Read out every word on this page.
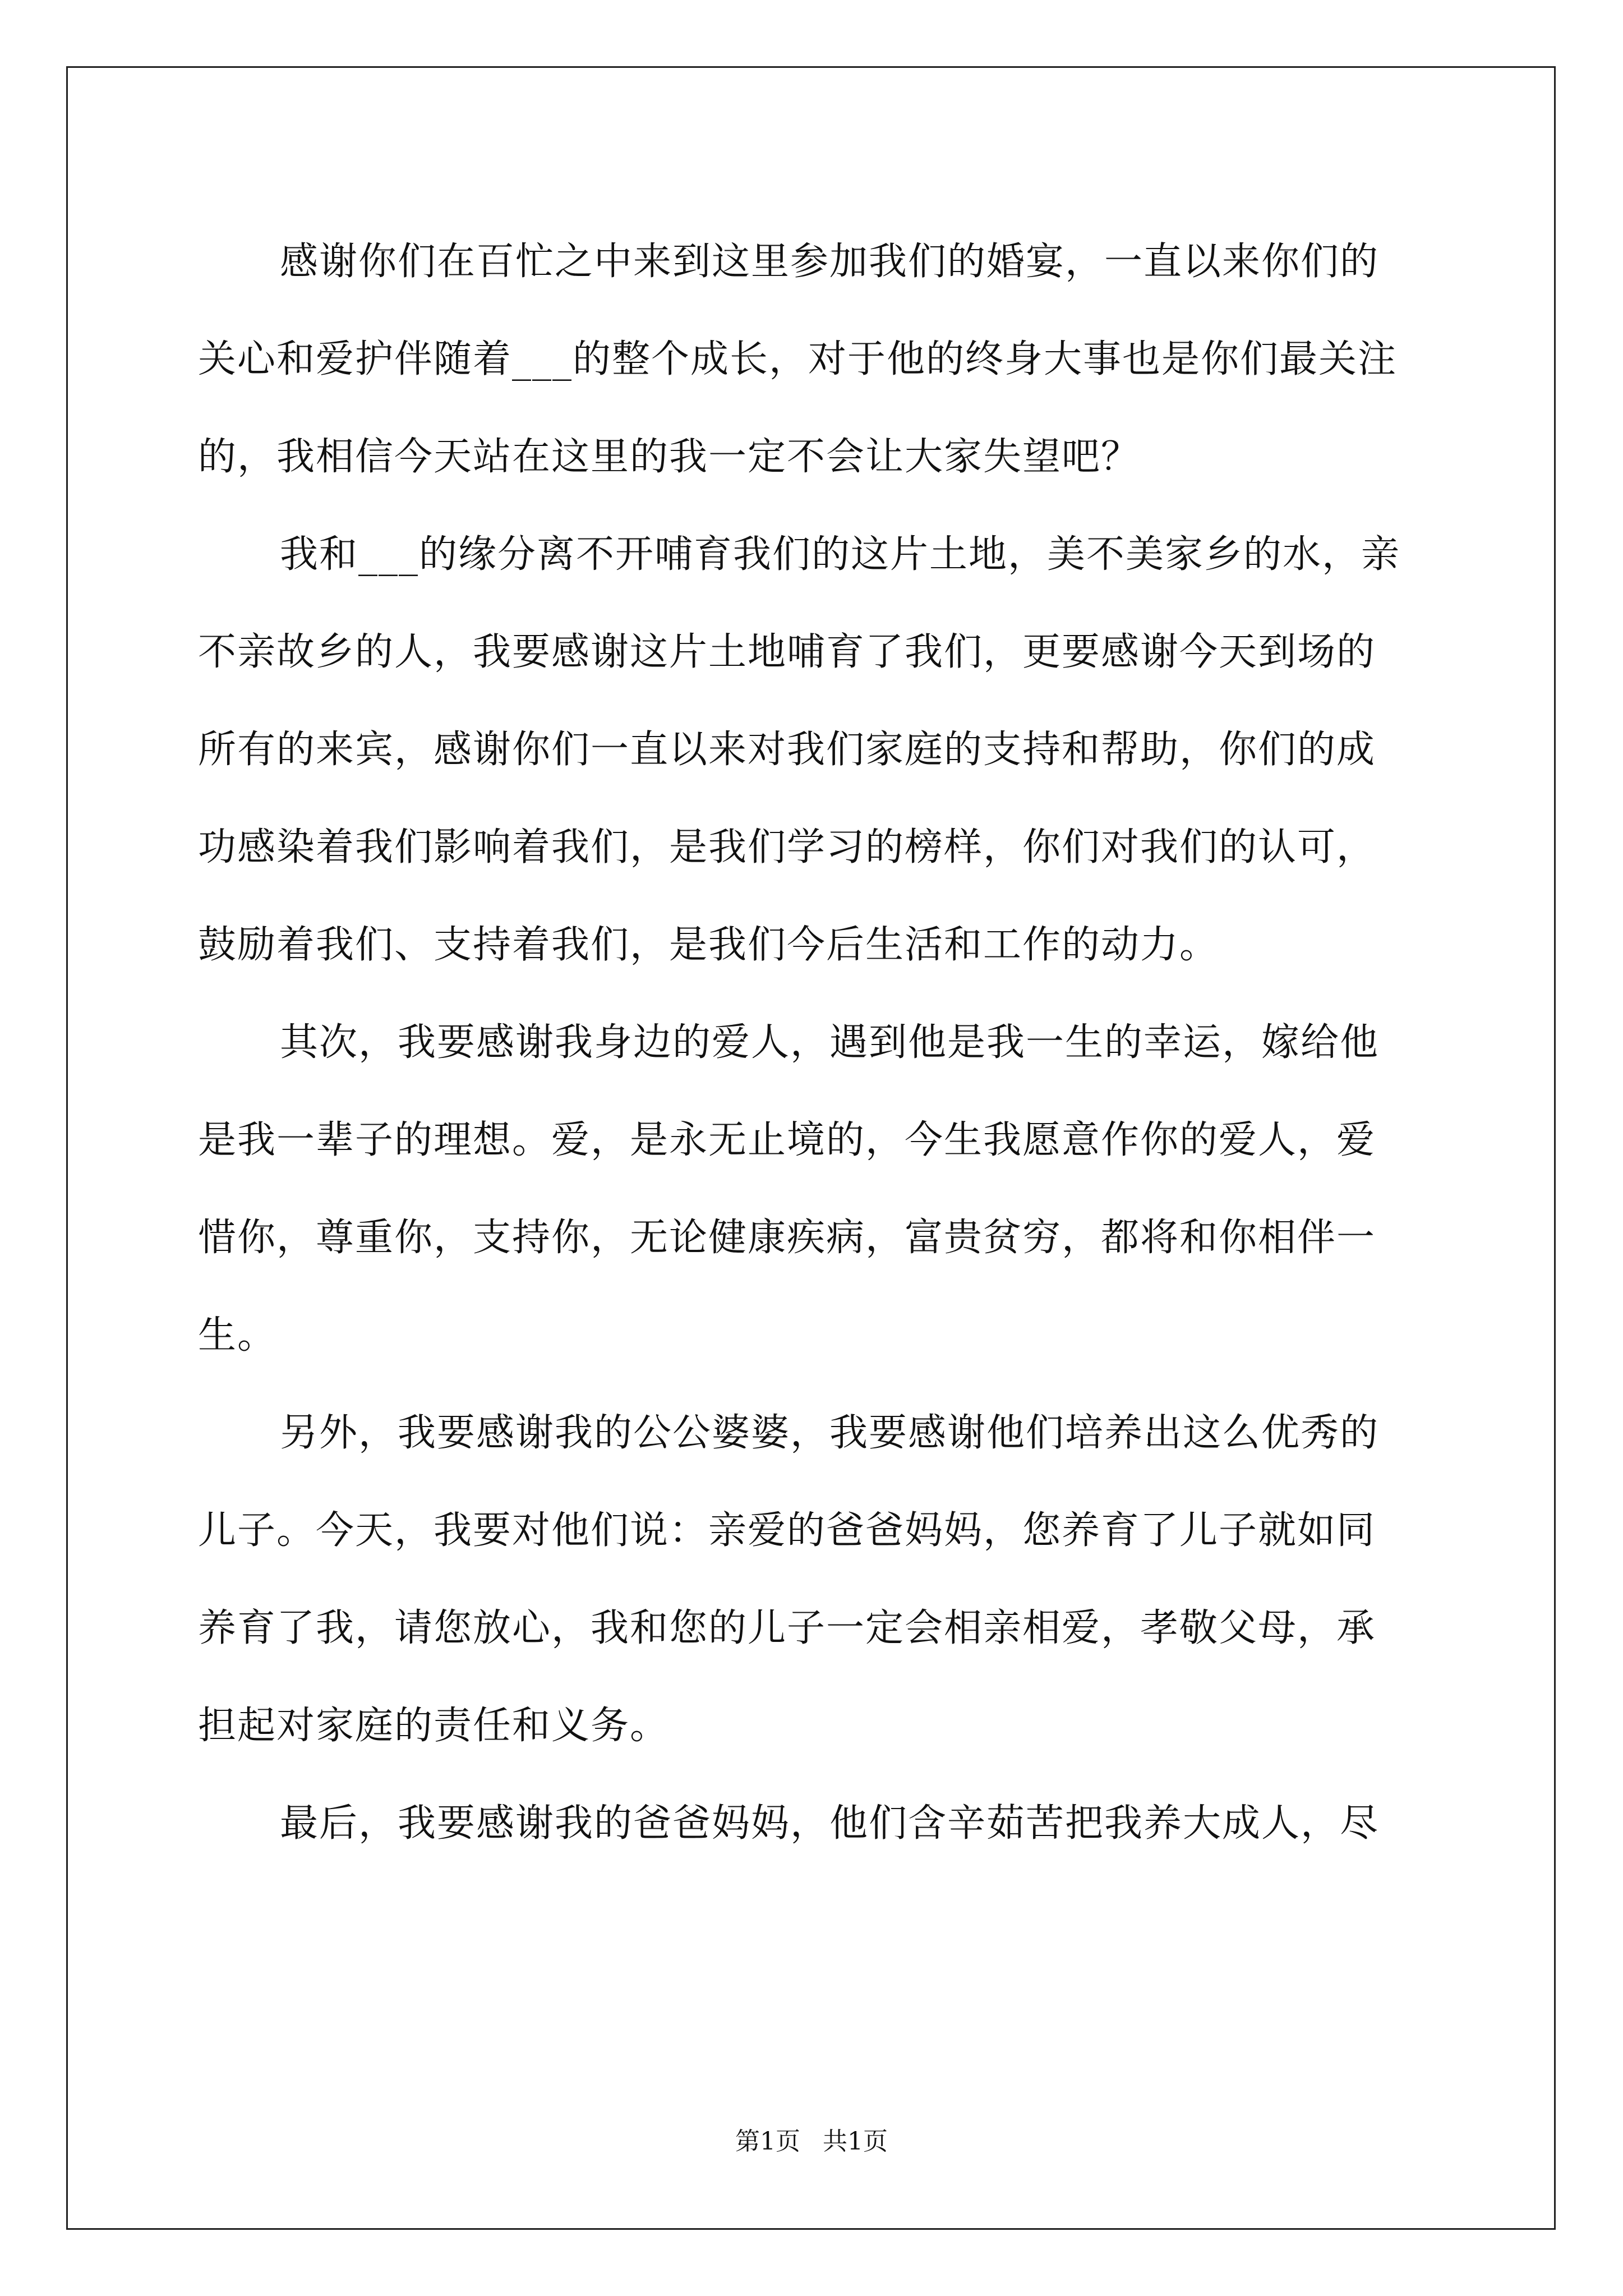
感谢你们在百忙之中来到这里参加我们的婚宴，一直以来你们的
关心和爱护伴随着___的整个成长，对于他的终身大事也是你们最关注
的，我相信今天站在这里的我一定不会让大家失望吧？
我和___的缘分离不开哺育我们的这片土地，美不美家乡的水，亲
不亲故乡的人，我要感谢这片土地哺育了我们，更要感谢今天到场的
所有的来宾，感谢你们一直以来对我们家庭的支持和帮助，你们的成
功感染着我们影响着我们，是我们学习的榜样，你们对我们的认可，
鼓励着我们、支持着我们，是我们今后生活和工作的动力。
其次，我要感谢我身边的爱人，遇到他是我一生的幸运，嫁给他
是我一辈子的理想。爱，是永无止境的，今生我愿意作你的爱人，爱
惜你，尊重你，支持你，无论健康疾病，富贵贫穷，都将和你相伴一
生。
另外，我要感谢我的公公婆婆，我要感谢他们培养出这么优秀的
儿子。今天，我要对他们说：亲爱的爸爸妈妈，您养育了儿子就如同
养育了我，请您放心，我和您的儿子一定会相亲相爱，孝敬父母，承
担起对家庭的责任和义务。
最后，我要感谢我的爸爸妈妈，他们含辛茹苦把我养大成人，尽
第1页 共1页
